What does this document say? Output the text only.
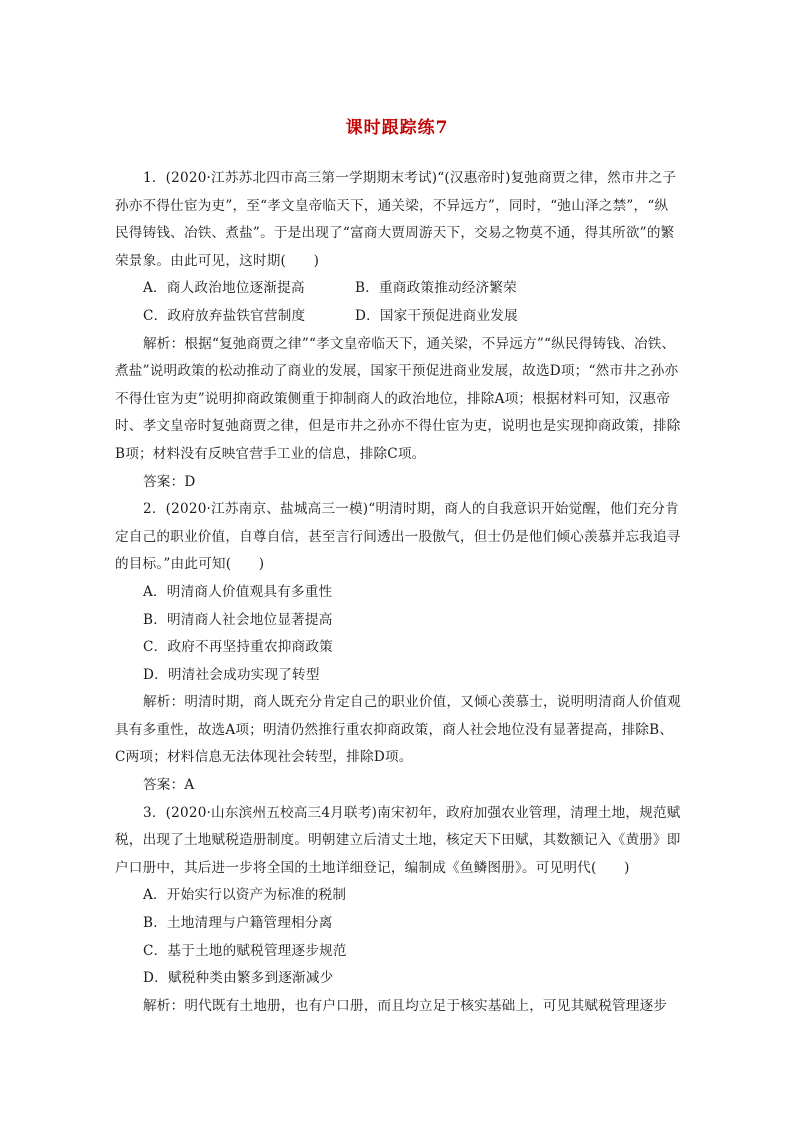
课时跟踪练7

1．(2020·江苏苏北四市高三第一学期期末考试)“(汉惠帝时)复弛商贾之律，然市井之子孙亦不得仕宦为吏”，至“孝文皇帝临天下，通关梁，不异远方”，同时，“弛山泽之禁”，“纵民得铸钱、冶铁、煮盐”。于是出现了“富商大贾周游天下，交易之物莫不通，得其所欲”的繁荣景象。由此可见，这时期(　　)

A．商人政治地位逐渐提高	B．重商政策推动经济繁荣
C．政府放弃盐铁官营制度	D．国家干预促进商业发展

解析：根据“复弛商贾之律”“孝文皇帝临天下，通关梁，不异远方”“纵民得铸钱、冶铁、煮盐”说明政策的松动推动了商业的发展，国家干预促进商业发展，故选D项；“然市井之孙亦不得仕宦为吏”说明抑商政策侧重于抑制商人的政治地位，排除A项；根据材料可知，汉惠帝时、孝文皇帝时复弛商贾之律，但是市井之孙亦不得仕宦为吏，说明也是实现抑商政策，排除B项；材料没有反映官营手工业的信息，排除C项。

答案：D

2．(2020·江苏南京、盐城高三一模)“明清时期，商人的自我意识开始觉醒，他们充分肯定自己的职业价值，自尊自信，甚至言行间透出一股傲气，但士仍是他们倾心羡慕并忘我追寻的目标。”由此可知(　　)

A．明清商人价值观具有多重性

B．明清商人社会地位显著提高

C．政府不再坚持重农抑商政策

D．明清社会成功实现了转型

解析：明清时期，商人既充分肯定自己的职业价值，又倾心羡慕士，说明明清商人价值观具有多重性，故选A项；明清仍然推行重农抑商政策，商人社会地位没有显著提高，排除B、C两项；材料信息无法体现社会转型，排除D项。

答案：A

3．(2020·山东滨州五校高三4月联考)南宋初年，政府加强农业管理，清理土地，规范赋税，出现了土地赋税造册制度。明朝建立后清丈土地，核定天下田赋，其数额记入《黄册》即户口册中，其后进一步将全国的土地详细登记，编制成《鱼鳞图册》。可见明代(　　)

A．开始实行以资产为标准的税制

B．土地清理与户籍管理相分离

C．基于土地的赋税管理逐步规范

D．赋税种类由繁多到逐渐减少

解析：明代既有土地册，也有户口册，而且均立足于核实基础上，可见其赋税管理逐步
